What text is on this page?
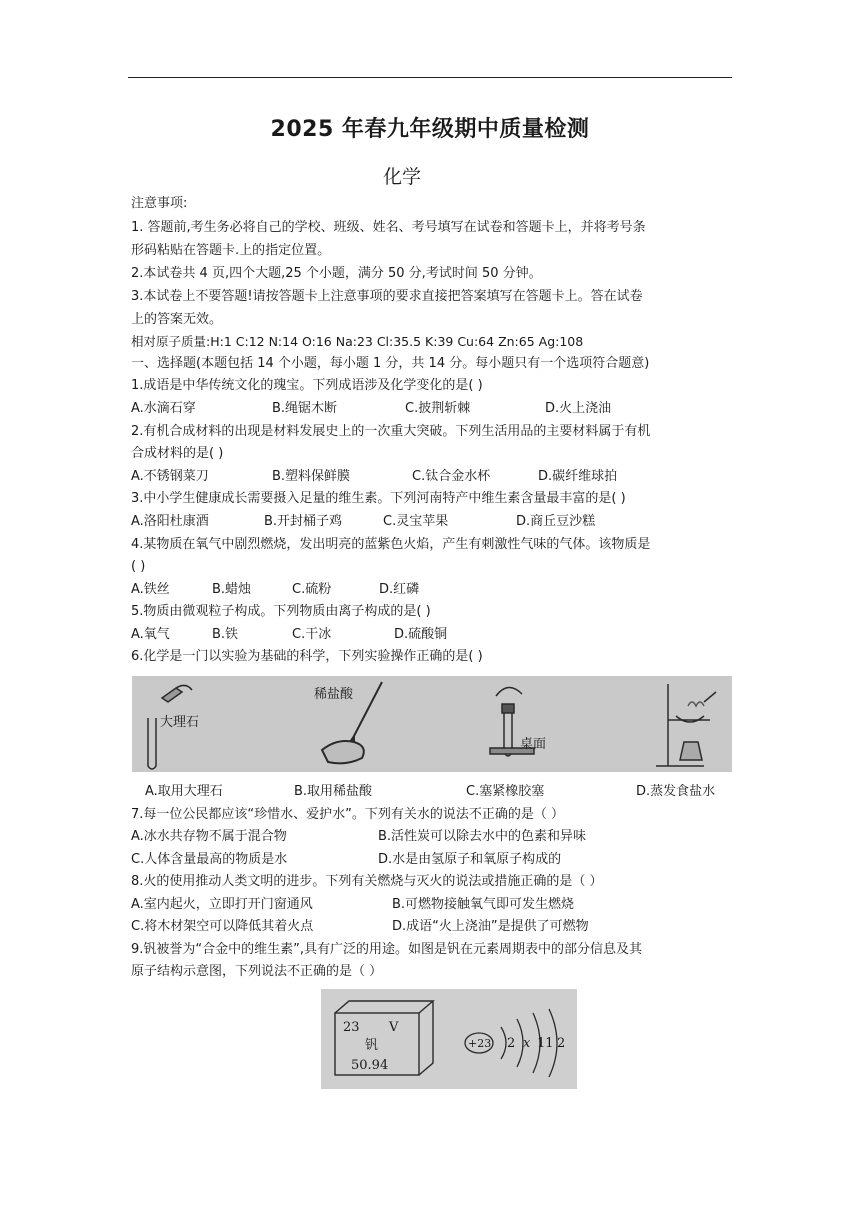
2025 年春九年级期中质量检测
化学
注意事项:
1. 答题前,考生务必将自己的学校、班级、姓名、考号填写在试卷和答题卡上，并将考号条
形码粘贴在答题卡.上的指定位置。
2.本试卷共 4 页,四个大题,25 个小题，满分 50 分,考试时间 50 分钟。
3.本试卷上不要答题!请按答题卡上注意事项的要求直接把答案填写在答题卡上。答在试卷
上的答案无效。
相对原子质量:H:1 C:12 N:14 O:16 Na:23 Cl:35.5 K:39 Cu:64 Zn:65 Ag:108
一、选择题(本题包括 14 个小题，每小题 1 分，共 14 分。每小题只有一个选项符合题意)
1.成语是中华传统文化的瑰宝。下列成语涉及化学变化的是( )
A.水滴石穿	B.绳锯木断	C.披荆斩棘	D.火上浇油
2.有机合成材料的出现是材料发展史上的一次重大突破。下列生活用品的主要材料属于有机
合成材料的是( )
A.不锈钢菜刀	B.塑料保鲜膜	C.钛合金水杯	D.碳纤维球拍
3.中小学生健康成长需要摄入足量的维生素。下列河南特产中维生素含量最丰富的是( )
A.洛阳杜康酒	B.开封桶子鸡	C.灵宝苹果	D.商丘豆沙糕
4.某物质在氧气中剧烈燃烧，发出明亮的蓝紫色火焰，产生有刺激性气味的气体。该物质是
( )
A.铁丝	B.蜡烛	C.硫粉	D.红磷
5.物质由微观粒子构成。下列物质由离子构成的是( )
A.氧气	B.铁	C.干冰	D.硫酸铜
6.化学是一门以实验为基础的科学，下列实验操作正确的是( )
大理石
稀盐酸
桌面
A.取用大理石	B.取用稀盐酸	C.塞紧橡胶塞	D.蒸发食盐水
7.每一位公民都应该“珍惜水、爱护水”。下列有关水的说法不正确的是（ ）
A.冰水共存物不属于混合物	B.活性炭可以除去水中的色素和异味
C.人体含量最高的物质是水	D.水是由氢原子和氧原子构成的
8.火的使用推动人类文明的进步。下列有关燃烧与灭火的说法或措施正确的是（ ）
A.室内起火，立即打开门窗通风	B.可燃物接触氧气即可发生燃烧
C.将木材架空可以降低其着火点	D.成语“火上浇油”是提供了可燃物
9.钒被誉为“合金中的维生素”,具有广泛的用途。如图是钒在元素周期表中的部分信息及其
原子结构示意图，下列说法不正确的是（ ）
23 V
钒
50.94
+23 2 x 11 2
